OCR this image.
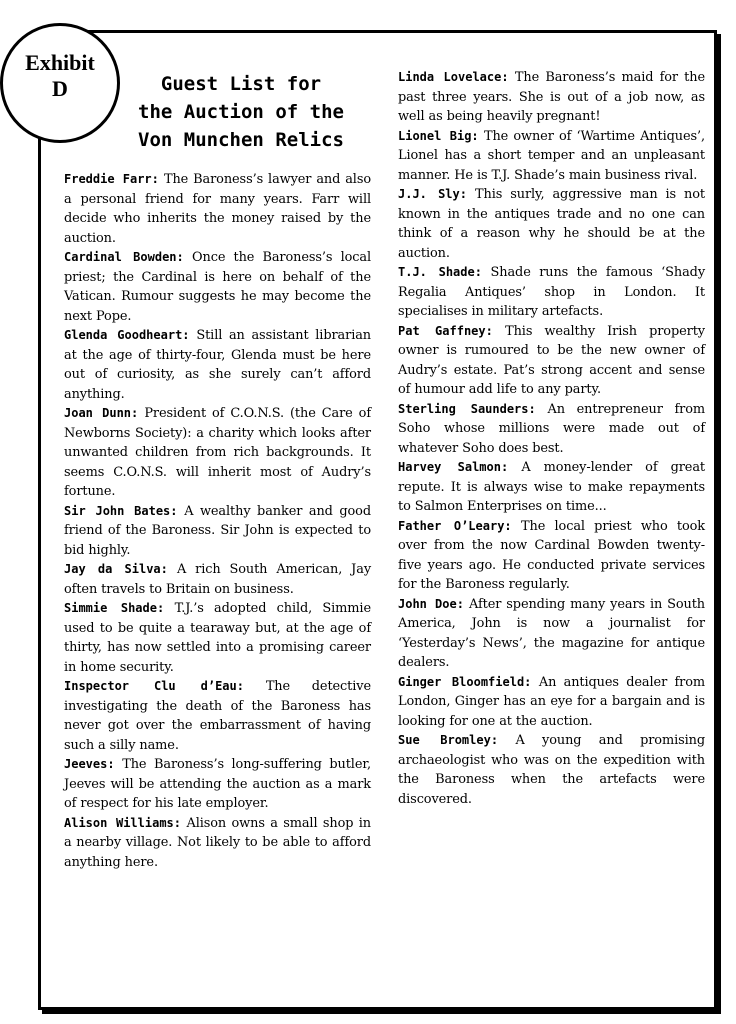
Exhibit
D	Guest List for
the Auction of the
Von Munchen Relics

Freddie Farr: The Baroness’s lawyer and also a personal friend for many years. Farr will decide who inherits the money raised by the auction.

Cardinal Bowden: Once the Baroness’s local priest; the Cardinal is here on behalf of the Vatican. Rumour suggests he may become the next Pope.

Glenda Goodheart: Still an assistant librarian at the age of thirty-four, Glenda must be here out of curiosity, as she surely can’t afford anything.

Joan Dunn: President of C.O.N.S. (the Care of Newborns Society): a charity which looks after unwanted children from rich backgrounds. It seems C.O.N.S. will inherit most of Audry’s fortune.

Sir John Bates: A wealthy banker and good friend of the Baroness. Sir John is expected to bid highly.

Jay da Silva: A rich South American, Jay often travels to Britain on business.

Simmie Shade: T.J.’s adopted child, Simmie used to be quite a tearaway but, at the age of thirty, has now settled into a promising career in home security.

Inspector Clu d’Eau: The detective investigating the death of the Baroness has never got over the embarrassment of having such a silly name.

Jeeves: The Baroness’s long-suffering butler, Jeeves will be attending the auction as a mark of respect for his late employer.

Alison Williams: Alison owns a small shop in a nearby village. Not likely to be able to afford anything here.

Linda Lovelace: The Baroness’s maid for the past three years. She is out of a job now, as well as being heavily pregnant!

Lionel Big: The owner of ‘Wartime Antiques’, Lionel has a short temper and an unpleasant manner. He is T.J. Shade’s main business rival.

J.J. Sly: This surly, aggressive man is not known in the antiques trade and no one can think of a reason why he should be at the auction.

T.J. Shade: Shade runs the famous ‘Shady Regalia Antiques’ shop in London. It specialises in military artefacts.

Pat Gaffney: This wealthy Irish property owner is rumoured to be the new owner of Audry’s estate. Pat’s strong accent and sense of humour add life to any party.

Sterling Saunders: An entrepreneur from Soho whose millions were made out of whatever Soho does best.

Harvey Salmon: A money-lender of great repute. It is always wise to make repayments to Salmon Enterprises on time...

Father O’Leary: The local priest who took over from the now Cardinal Bowden twenty-five years ago. He conducted private services for the Baroness regularly.

John Doe: After spending many years in South America, John is now a journalist for ‘Yesterday’s News’, the magazine for antique dealers.

Ginger Bloomfield: An antiques dealer from London, Ginger has an eye for a bargain and is looking for one at the auction.

Sue Bromley: A young and promising archaeologist who was on the expedition with the Baroness when the artefacts were discovered.
